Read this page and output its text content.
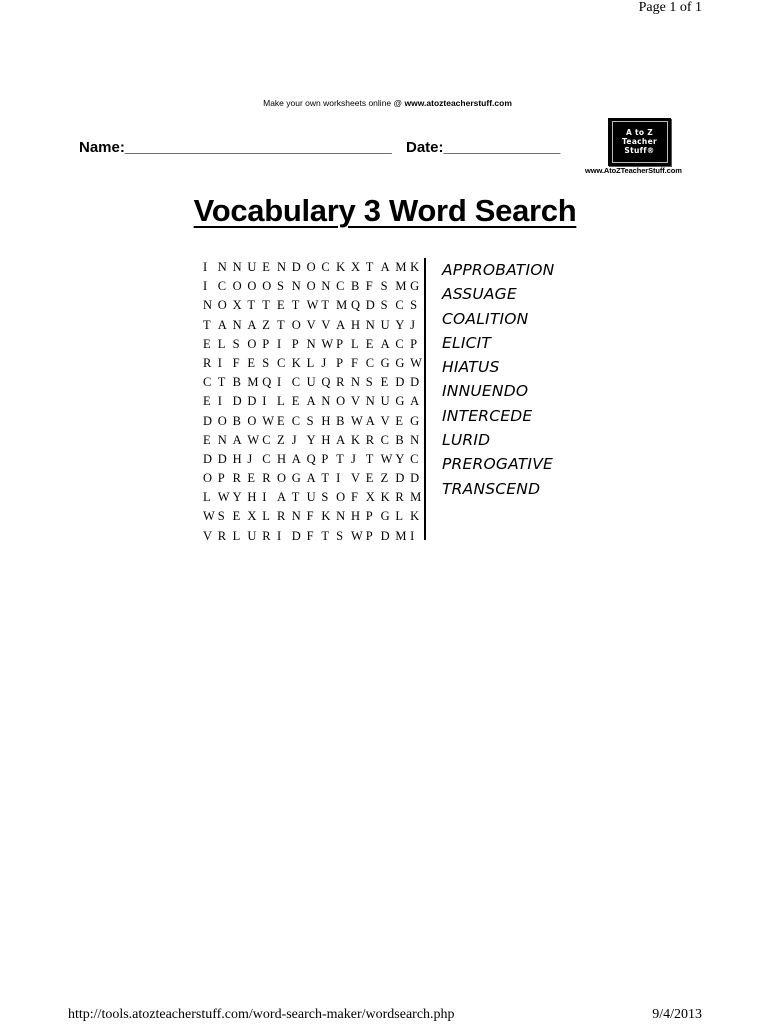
Page 1 of 1
Make your own worksheets online @ www.atozteacherstuff.com
Name:________________________________ Date:______________
A to Z
Teacher
Stuff®
www.AtoZTeacherStuff.com
Vocabulary 3 Word Search
I N N U E N D O C K X T A M K
I C O O O S N O N C B F S M G
N O X T T E T W T M Q D S C S
T A N A Z T O V V A H N U Y J
E L S O P I P N W P L E A C P
R I F E S C K L J P F C G G W
C T B M Q I C U Q R N S E D D
E I D D I L E A N O V N U G A
D O B O W E C S H B W A V E G
E N A W C Z J Y H A K R C B N
D D H J C H A Q P T J T W Y C
O P R E R O G A T I V E Z D D
L W Y H I A T U S O F X K R M
W S E X L R N F K N H P G L K
V R L U R I D F T S W P D M I
APPROBATION
ASSUAGE
COALITION
ELICIT
HIATUS
INNUENDO
INTERCEDE
LURID
PREROGATIVE
TRANSCEND
http://tools.atozteacherstuff.com/word-search-maker/wordsearch.php	9/4/2013
